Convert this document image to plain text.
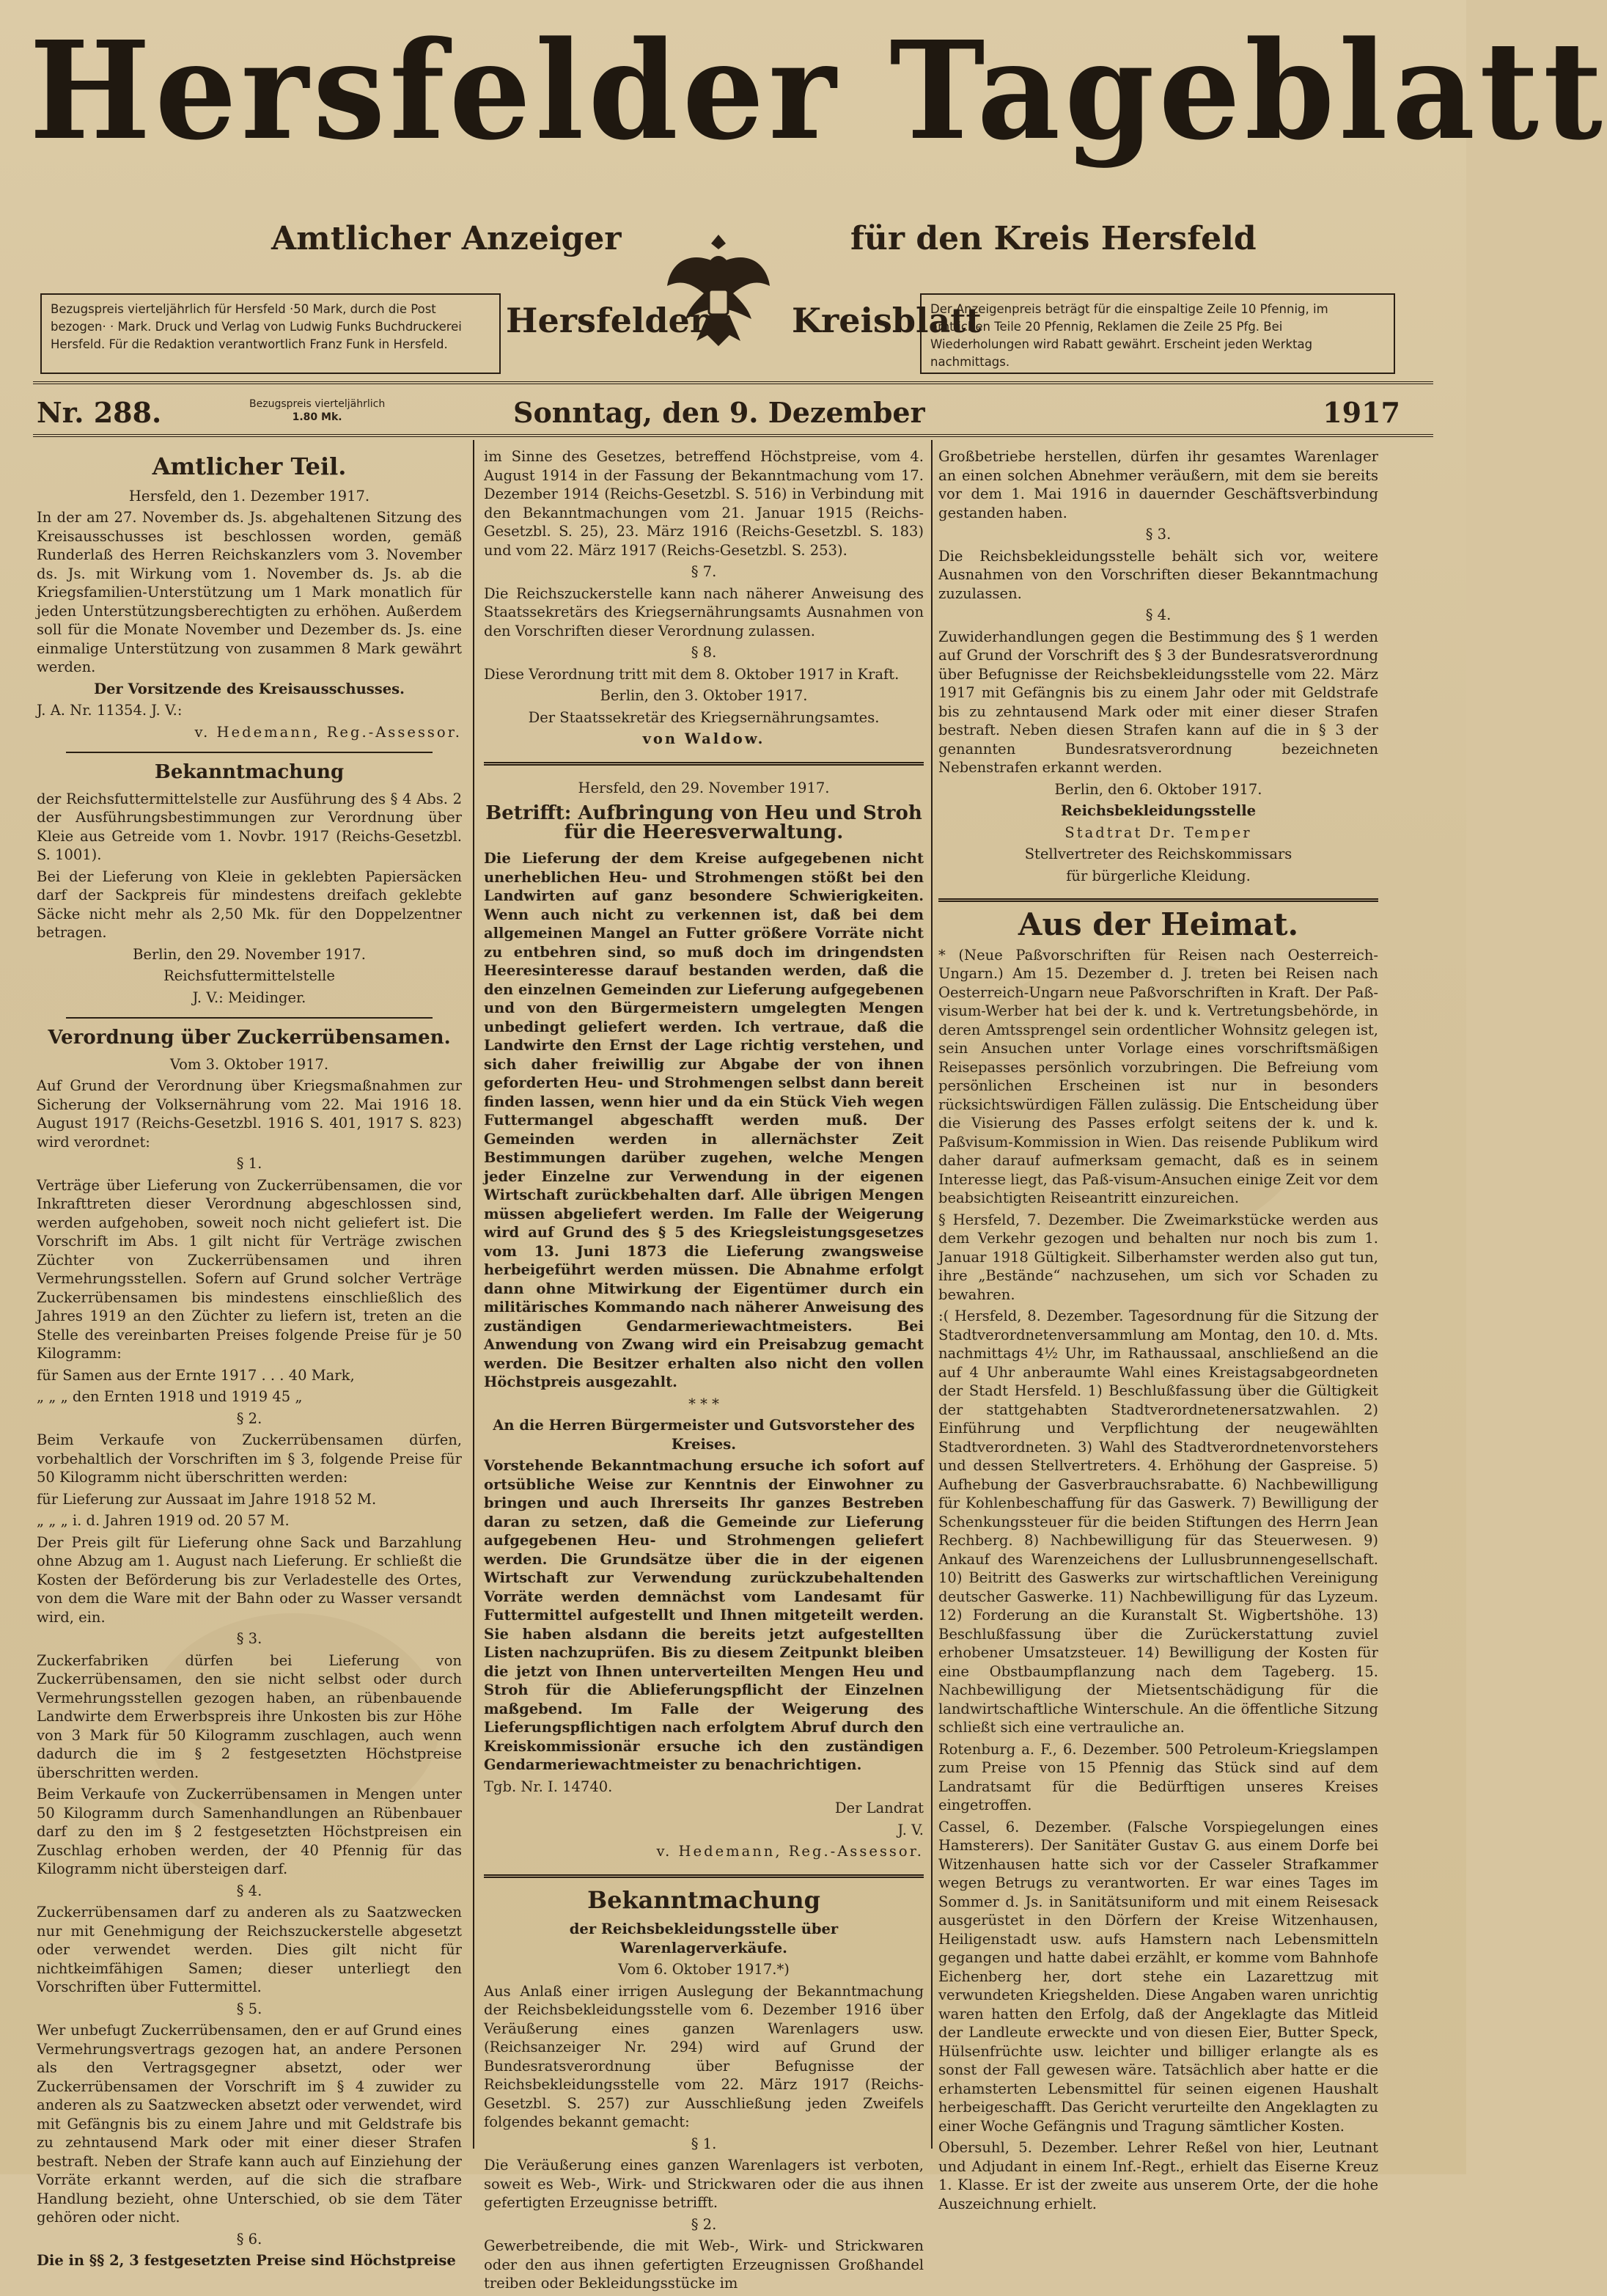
Hersfelder Tageblatt
Amtlicher Anzeiger	für den Kreis Hersfeld
Hersfelder Kreisblatt
Bezugspreis vierteljährlich für Hersfeld ·50 Mark, durch die Post bezogen· · Mark. Druck und Verlag von Ludwig Funks Buchdruckerei Hersfeld. Für die Redaktion verantwortlich Franz Funk in Hersfeld.
Der Anzeigenpreis beträgt für die einspaltige Zeile 10 Pfennig, im amtlichen Teile 20 Pfennig, Reklamen die Zeile 25 Pfg. Bei Wiederholungen wird Rabatt gewährt. Erscheint jeden Werktag nachmittags.
Nr. 288.	Bezugspreis vierteljährlich
1.80 Mk.	Sonntag, den 9. Dezember	1917
Amtlicher Teil.

Hersfeld, den 1. Dezember 1917.

In der am 27. November ds. Js. abgehaltenen Sitzung des Kreisausschusses ist beschlossen worden, gemäß Runderlaß des Herren Reichskanzlers vom 3. November ds. Js. mit Wirkung vom 1. November ds. Js. ab die Kriegsfamilien-Unterstützung um 1 Mark monatlich für jeden Unterstützungsberechtigten zu erhöhen. Außerdem soll für die Monate November und Dezember ds. Js. eine einmalige Unterstützung von zusammen 8 Mark gewährt werden.

Der Vorsitzende des Kreisausschusses.

J. A. Nr. 11354. J. V.:

v. Hedemann, Reg.-Assessor.

Bekanntmachung

der Reichsfuttermittelstelle zur Ausführung des § 4 Abs. 2 der Ausführungsbestimmungen zur Verordnung über Kleie aus Getreide vom 1. Novbr. 1917 (Reichs-Gesetzbl. S. 1001).

Bei der Lieferung von Kleie in geklebten Papiersäcken darf der Sackpreis für mindestens dreifach geklebte Säcke nicht mehr als 2,50 Mk. für den Doppelzentner betragen.

Berlin, den 29. November 1917.

Reichsfuttermittelstelle

J. V.: Meidinger.

Verordnung über Zuckerrübensamen.

Vom 3. Oktober 1917.

Auf Grund der Verordnung über Kriegsmaßnahmen zur Sicherung der Volksernährung vom 22. Mai 1916 18. August 1917 (Reichs-Gesetzbl. 1916 S. 401, 1917 S. 823) wird verordnet:

§ 1.

Verträge über Lieferung von Zuckerrübensamen, die vor Inkrafttreten dieser Verordnung abgeschlossen sind, werden aufgehoben, soweit noch nicht geliefert ist. Die Vorschrift im Abs. 1 gilt nicht für Verträge zwischen Züchter von Zuckerrübensamen und ihren Vermehrungsstellen. Sofern auf Grund solcher Verträge Zuckerrübensamen bis mindestens einschließlich des Jahres 1919 an den Züchter zu liefern ist, treten an die Stelle des vereinbarten Preises folgende Preise für je 50 Kilogramm:

für Samen aus der Ernte 1917 . . . 40 Mark,

„ „ „ den Ernten 1918 und 1919 45 „

§ 2.

Beim Verkaufe von Zuckerrübensamen dürfen, vorbehaltlich der Vorschriften im § 3, folgende Preise für 50 Kilogramm nicht überschritten werden:

für Lieferung zur Aussaat im Jahre 1918 52 M.

„ „ „ i. d. Jahren 1919 od. 20 57 M.

Der Preis gilt für Lieferung ohne Sack und Barzahlung ohne Abzug am 1. August nach Lieferung. Er schließt die Kosten der Beförderung bis zur Verladestelle des Ortes, von dem die Ware mit der Bahn oder zu Wasser versandt wird, ein.

§ 3.

Zuckerfabriken dürfen bei Lieferung von Zuckerrübensamen, den sie nicht selbst oder durch Vermehrungsstellen gezogen haben, an rübenbauende Landwirte dem Erwerbspreis ihre Unkosten bis zur Höhe von 3 Mark für 50 Kilogramm zuschlagen, auch wenn dadurch die im § 2 festgesetzten Höchstpreise überschritten werden.

Beim Verkaufe von Zuckerrübensamen in Mengen unter 50 Kilogramm durch Samenhandlungen an Rübenbauer darf zu den im § 2 festgesetzten Höchstpreisen ein Zuschlag erhoben werden, der 40 Pfennig für das Kilogramm nicht übersteigen darf.

§ 4.

Zuckerrübensamen darf zu anderen als zu Saatzwecken nur mit Genehmigung der Reichszuckerstelle abgesetzt oder verwendet werden. Dies gilt nicht für nichtkeimfähigen Samen; dieser unterliegt den Vorschriften über Futtermittel.

§ 5.

Wer unbefugt Zuckerrübensamen, den er auf Grund eines Vermehrungsvertrags gezogen hat, an andere Personen als den Vertragsgegner absetzt, oder wer Zuckerrübensamen der Vorschrift im § 4 zuwider zu anderen als zu Saatzwecken absetzt oder verwendet, wird mit Gefängnis bis zu einem Jahre und mit Geldstrafe bis zu zehntausend Mark oder mit einer dieser Strafen bestraft. Neben der Strafe kann auch auf Einziehung der Vorräte erkannt werden, auf die sich die strafbare Handlung bezieht, ohne Unterschied, ob sie dem Täter gehören oder nicht.

§ 6.

Die in §§ 2, 3 festgesetzten Preise sind Höchstpreise

im Sinne des Gesetzes, betreffend Höchstpreise, vom 4. August 1914 in der Fassung der Bekanntmachung vom 17. Dezember 1914 (Reichs-Gesetzbl. S. 516) in Verbindung mit den Bekanntmachungen vom 21. Januar 1915 (Reichs-Gesetzbl. S. 25), 23. März 1916 (Reichs-Gesetzbl. S. 183) und vom 22. März 1917 (Reichs-Gesetzbl. S. 253).

§ 7.

Die Reichszuckerstelle kann nach näherer Anweisung des Staatssekretärs des Kriegsernährungsamts Ausnahmen von den Vorschriften dieser Verordnung zulassen.

§ 8.

Diese Verordnung tritt mit dem 8. Oktober 1917 in Kraft.

Berlin, den 3. Oktober 1917.

Der Staatssekretär des Kriegsernährungsamtes.

von Waldow.

Hersfeld, den 29. November 1917.

Betrifft: Aufbringung von Heu und Stroh für die Heeresverwaltung.

Die Lieferung der dem Kreise aufgegebenen nicht unerheblichen Heu- und Strohmengen stößt bei den Landwirten auf ganz besondere Schwierigkeiten. Wenn auch nicht zu verkennen ist, daß bei dem allgemeinen Mangel an Futter größere Vorräte nicht zu entbehren sind, so muß doch im dringendsten Heeresinteresse darauf bestanden werden, daß die den einzelnen Gemeinden zur Lieferung aufgegebenen und von den Bürgermeistern umgelegten Mengen unbedingt geliefert werden. Ich vertraue, daß die Landwirte den Ernst der Lage richtig verstehen, und sich daher freiwillig zur Abgabe der von ihnen geforderten Heu- und Strohmengen selbst dann bereit finden lassen, wenn hier und da ein Stück Vieh wegen Futtermangel abgeschafft werden muß. Der Gemeinden werden in allernächster Zeit Bestimmungen darüber zugehen, welche Mengen jeder Einzelne zur Verwendung in der eigenen Wirtschaft zurückbehalten darf. Alle übrigen Mengen müssen abgeliefert werden. Im Falle der Weigerung wird auf Grund des § 5 des Kriegsleistungsgesetzes vom 13. Juni 1873 die Lieferung zwangsweise herbeigeführt werden müssen. Die Abnahme erfolgt dann ohne Mitwirkung der Eigentümer durch ein militärisches Kommando nach näherer Anweisung des zuständigen Gendarmeriewachtmeisters. Bei Anwendung von Zwang wird ein Preisabzug gemacht werden. Die Besitzer erhalten also nicht den vollen Höchstpreis ausgezahlt.

* * *

An die Herren Bürgermeister und Gutsvorsteher des Kreises.

Vorstehende Bekanntmachung ersuche ich sofort auf ortsübliche Weise zur Kenntnis der Einwohner zu bringen und auch Ihrerseits Ihr ganzes Bestreben daran zu setzen, daß die Gemeinde zur Lieferung aufgegebenen Heu- und Strohmengen geliefert werden. Die Grundsätze über die in der eigenen Wirtschaft zur Verwendung zurückzubehaltenden Vorräte werden demnächst vom Landesamt für Futtermittel aufgestellt und Ihnen mitgeteilt werden. Sie haben alsdann die bereits jetzt aufgestellten Listen nachzuprüfen. Bis zu diesem Zeitpunkt bleiben die jetzt von Ihnen unterverteilten Mengen Heu und Stroh für die Ablieferungspflicht der Einzelnen maßgebend. Im Falle der Weigerung des Lieferungspflichtigen nach erfolgtem Abruf durch den Kreiskommissionär ersuche ich den zuständigen Gendarmeriewachtmeister zu benachrichtigen.

Tgb. Nr. I. 14740.

Der Landrat

J. V.

v. Hedemann, Reg.-Assessor.

Bekanntmachung

der Reichsbekleidungsstelle über Warenlagerverkäufe.

Vom 6. Oktober 1917.*)

Aus Anlaß einer irrigen Auslegung der Bekanntmachung der Reichsbekleidungsstelle vom 6. Dezember 1916 über Veräußerung eines ganzen Warenlagers usw. (Reichsanzeiger Nr. 294) wird auf Grund der Bundesratsverordnung über Befugnisse der Reichsbekleidungsstelle vom 22. März 1917 (Reichs-Gesetzbl. S. 257) zur Ausschließung jeden Zweifels folgendes bekannt gemacht:

§ 1.

Die Veräußerung eines ganzen Warenlagers ist verboten, soweit es Web-, Wirk- und Strickwaren oder die aus ihnen gefertigten Erzeugnisse betrifft.

§ 2.

Gewerbetreibende, die mit Web-, Wirk- und Strickwaren oder den aus ihnen gefertigten Erzeugnissen Großhandel treiben oder Bekleidungsstücke im

Großbetriebe herstellen, dürfen ihr gesamtes Warenlager an einen solchen Abnehmer veräußern, mit dem sie bereits vor dem 1. Mai 1916 in dauernder Geschäftsverbindung gestanden haben.

§ 3.

Die Reichsbekleidungsstelle behält sich vor, weitere Ausnahmen von den Vorschriften dieser Bekanntmachung zuzulassen.

§ 4.

Zuwiderhandlungen gegen die Bestimmung des § 1 werden auf Grund der Vorschrift des § 3 der Bundesratsverordnung über Befugnisse der Reichsbekleidungsstelle vom 22. März 1917 mit Gefängnis bis zu einem Jahr oder mit Geldstrafe bis zu zehntausend Mark oder mit einer dieser Strafen bestraft. Neben diesen Strafen kann auf die in § 3 der genannten Bundesratsverordnung bezeichneten Nebenstrafen erkannt werden.

Berlin, den 6. Oktober 1917.

Reichsbekleidungsstelle

Stadtrat Dr. Temper

Stellvertreter des Reichskommissars

für bürgerliche Kleidung.

Aus der Heimat.

* (Neue Paßvorschriften für Reisen nach Oesterreich-Ungarn.) Am 15. Dezember d. J. treten bei Reisen nach Oesterreich-Ungarn neue Paßvorschriften in Kraft. Der Paß-visum-Werber hat bei der k. und k. Vertretungsbehörde, in deren Amtssprengel sein ordentlicher Wohnsitz gelegen ist, sein Ansuchen unter Vorlage eines vorschriftsmäßigen Reisepasses persönlich vorzubringen. Die Befreiung vom persönlichen Erscheinen ist nur in besonders rücksichtswürdigen Fällen zulässig. Die Entscheidung über die Visierung des Passes erfolgt seitens der k. und k. Paßvisum-Kommission in Wien. Das reisende Publikum wird daher darauf aufmerksam gemacht, daß es in seinem Interesse liegt, das Paß-visum-Ansuchen einige Zeit vor dem beabsichtigten Reiseantritt einzureichen.

§ Hersfeld, 7. Dezember. Die Zweimarkstücke werden aus dem Verkehr gezogen und behalten nur noch bis zum 1. Januar 1918 Gültigkeit. Silberhamster werden also gut tun, ihre „Bestände“ nachzusehen, um sich vor Schaden zu bewahren.

:( Hersfeld, 8. Dezember. Tagesordnung für die Sitzung der Stadtverordnetenversammlung am Montag, den 10. d. Mts. nachmittags 4½ Uhr, im Rathaussaal, anschließend an die auf 4 Uhr anberaumte Wahl eines Kreistagsabgeordneten der Stadt Hersfeld. 1) Beschlußfassung über die Gültigkeit der stattgehabten Stadtverordnetenersatzwahlen. 2) Einführung und Verpflichtung der neugewählten Stadtverordneten. 3) Wahl des Stadtverordnetenvorstehers und dessen Stellvertreters. 4. Erhöhung der Gaspreise. 5) Aufhebung der Gasverbrauchsrabatte. 6) Nachbewilligung für Kohlenbeschaffung für das Gaswerk. 7) Bewilligung der Schenkungssteuer für die beiden Stiftungen des Herrn Jean Rechberg. 8) Nachbewilligung für das Steuerwesen. 9) Ankauf des Warenzeichens der Lullusbrunnengesellschaft. 10) Beitritt des Gaswerks zur wirtschaftlichen Vereinigung deutscher Gaswerke. 11) Nachbewilligung für das Lyzeum. 12) Forderung an die Kuranstalt St. Wigbertshöhe. 13) Beschlußfassung über die Zurückerstattung zuviel erhobener Umsatzsteuer. 14) Bewilligung der Kosten für eine Obstbaumpflanzung nach dem Tageberg. 15. Nachbewilligung der Mietsentschädigung für die landwirtschaftliche Winterschule. An die öffentliche Sitzung schließt sich eine vertrauliche an.

Rotenburg a. F., 6. Dezember. 500 Petroleum-Kriegslampen zum Preise von 15 Pfennig das Stück sind auf dem Landratsamt für die Bedürftigen unseres Kreises eingetroffen.

Cassel, 6. Dezember. (Falsche Vorspiegelungen eines Hamsterers). Der Sanitäter Gustav G. aus einem Dorfe bei Witzenhausen hatte sich vor der Casseler Strafkammer wegen Betrugs zu verantworten. Er war eines Tages im Sommer d. Js. in Sanitätsuniform und mit einem Reisesack ausgerüstet in den Dörfern der Kreise Witzenhausen, Heiligenstadt usw. aufs Hamstern nach Lebensmitteln gegangen und hatte dabei erzählt, er komme vom Bahnhofe Eichenberg her, dort stehe ein Lazarettzug mit verwundeten Kriegshelden. Diese Angaben waren unrichtig waren hatten den Erfolg, daß der Angeklagte das Mitleid der Landleute erweckte und von diesen Eier, Butter Speck, Hülsenfrüchte usw. leichter und billiger erlangte als es sonst der Fall gewesen wäre. Tatsächlich aber hatte er die erhamsterten Lebensmittel für seinen eigenen Haushalt herbeigeschafft. Das Gericht verurteilte den Angeklagten zu einer Woche Gefängnis und Tragung sämtlicher Kosten.

Obersuhl, 5. Dezember. Lehrer Reßel von hier, Leutnant und Adjudant in einem Inf.-Regt., erhielt das Eiserne Kreuz 1. Klasse. Er ist der zweite aus unserem Orte, der die hohe Auszeichnung erhielt.
